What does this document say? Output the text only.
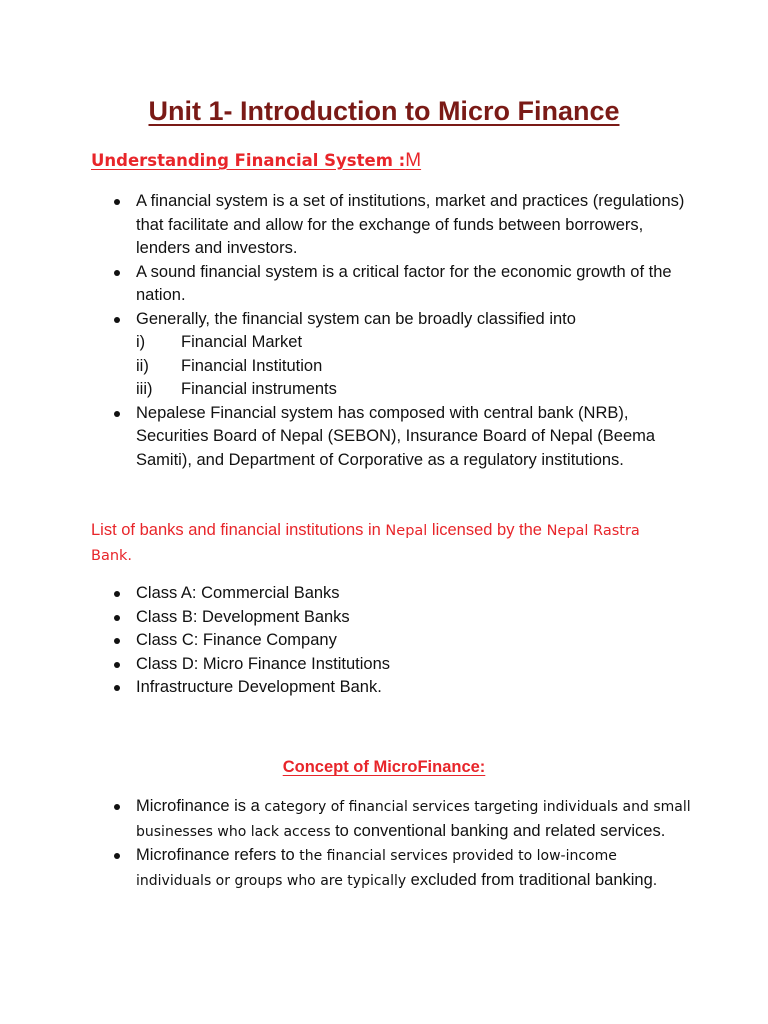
Unit 1- Introduction to Micro Finance
Understanding Financial System :M
A financial system is a set of institutions, market and practices (regulations) that facilitate and allow for the exchange of funds between borrowers, lenders and investors.
A sound financial system is a critical factor for the economic growth of the nation.
Generally, the financial system can be broadly classified into
i) Financial Market
ii) Financial Institution
iii) Financial instruments
Nepalese Financial system has composed with central bank (NRB), Securities Board of Nepal (SEBON), Insurance Board of Nepal (Beema Samiti), and Department of Corporative as a regulatory institutions.

List of banks and financial institutions in Nepal licensed by the Nepal Rastra Bank.

Class A: Commercial Banks
Class B: Development Banks
Class C: Finance Company
Class D: Micro Finance Institutions
Infrastructure Development Bank.
Concept of MicroFinance:
Microfinance is a category of financial services targeting individuals and small businesses who lack access to conventional banking and related services.
Microfinance refers to the financial services provided to low-income individuals or groups who are typically excluded from traditional banking.
